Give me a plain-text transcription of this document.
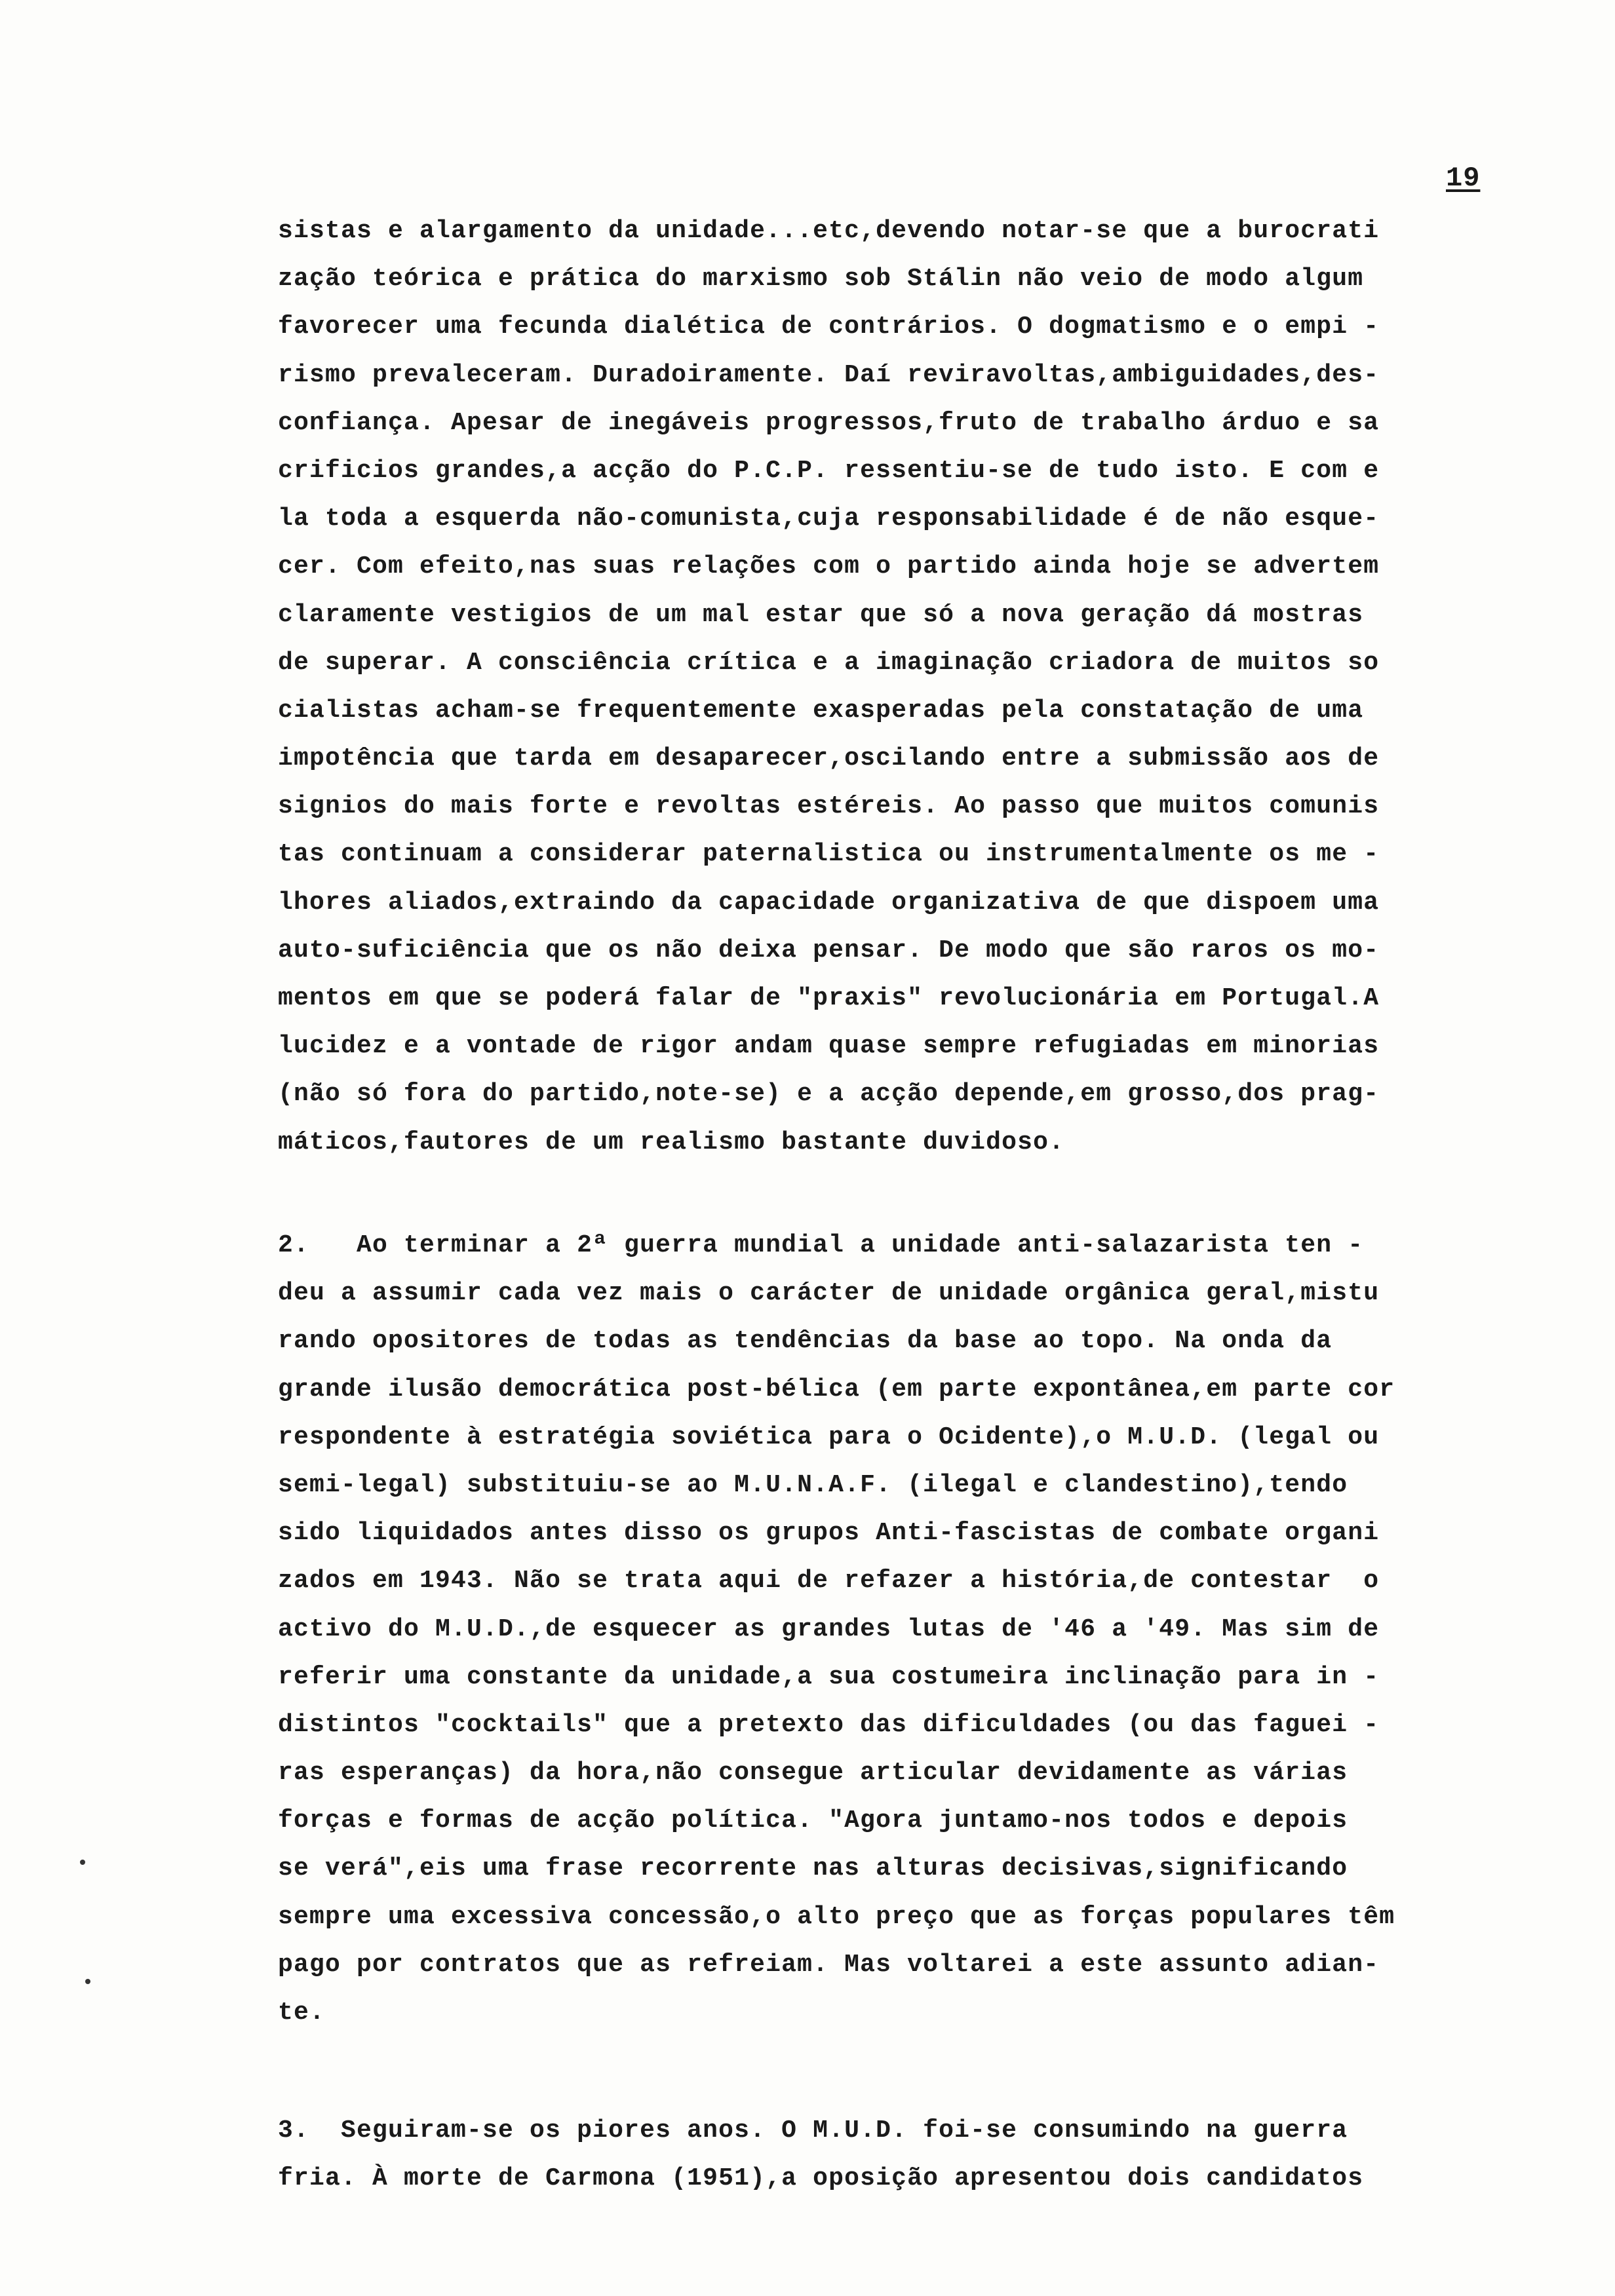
19
sistas e alargamento da unidade...etc,devendo notar-se que a burocrati
zação teórica e prática do marxismo sob Stálin não veio de modo algum
favorecer uma fecunda dialética de contrários. O dogmatismo e o empi -
rismo prevaleceram. Duradoiramente. Daí reviravoltas,ambiguidades,des-
confiança. Apesar de inegáveis progressos,fruto de trabalho árduo e sa
crificios grandes,a acção do P.C.P. ressentiu-se de tudo isto. E com e
la toda a esquerda não-comunista,cuja responsabilidade é de não esque-
cer. Com efeito,nas suas relações com o partido ainda hoje se advertem
claramente vestigios de um mal estar que só a nova geração dá mostras
de superar. A consciência crítica e a imaginação criadora de muitos so
cialistas acham-se frequentemente exasperadas pela constatação de uma
impotência que tarda em desaparecer,oscilando entre a submissão aos de
signios do mais forte e revoltas estéreis. Ao passo que muitos comunis
tas continuam a considerar paternalistica ou instrumentalmente os me -
lhores aliados,extraindo da capacidade organizativa de que dispoem uma
auto-suficiência que os não deixa pensar. De modo que são raros os mo-
mentos em que se poderá falar de "praxis" revolucionária em Portugal.A
lucidez e a vontade de rigor andam quase sempre refugiadas em minorias
(não só fora do partido,note-se) e a acção depende,em grosso,dos prag-
máticos,fautores de um realismo bastante duvidoso.
2.   Ao terminar a 2ª guerra mundial a unidade anti-salazarista ten -
deu a assumir cada vez mais o carácter de unidade orgânica geral,mistu
rando opositores de todas as tendências da base ao topo. Na onda da
grande ilusão democrática post-bélica (em parte expontânea,em parte cor
respondente à estratégia soviética para o Ocidente),o M.U.D. (legal ou
semi-legal) substituiu-se ao M.U.N.A.F. (ilegal e clandestino),tendo
sido liquidados antes disso os grupos Anti-fascistas de combate organi
zados em 1943. Não se trata aqui de refazer a história,de contestar  o
activo do M.U.D.,de esquecer as grandes lutas de '46 a '49. Mas sim de
referir uma constante da unidade,a sua costumeira inclinação para in -
distintos "cocktails" que a pretexto das dificuldades (ou das faguei -
ras esperanças) da hora,não consegue articular devidamente as várias
forças e formas de acção política. "Agora juntamo-nos todos e depois
se verá",eis uma frase recorrente nas alturas decisivas,significando
sempre uma excessiva concessão,o alto preço que as forças populares têm
pago por contratos que as refreiam. Mas voltarei a este assunto adian-
te.
3.  Seguiram-se os piores anos. O M.U.D. foi-se consumindo na guerra
fria. À morte de Carmona (1951),a oposição apresentou dois candidatos
